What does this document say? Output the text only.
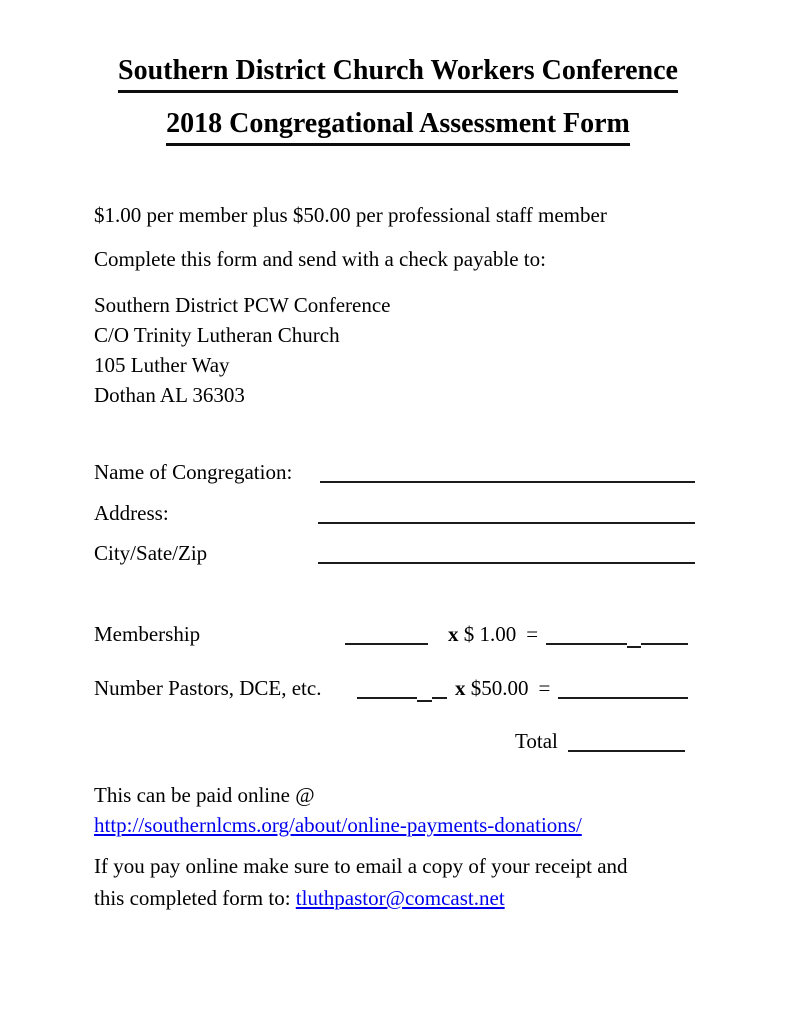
Southern District Church Workers Conference
2018 Congregational Assessment Form
$1.00 per member plus $50.00 per professional staff member
Complete this form and send with a check payable to:
Southern District PCW Conference
C/O Trinity Lutheran Church
105 Luther Way
Dothan AL 36303
Name of Congregation:
Address:
City/Sate/Zip
Membership	x $ 1.00 =
Number Pastors, DCE, etc.	x $50.00 =
Total
This can be paid online @
http://southernlcms.org/about/online-payments-donations/
If you pay online make sure to email a copy of your receipt and
this completed form to: tluthpastor@comcast.net
